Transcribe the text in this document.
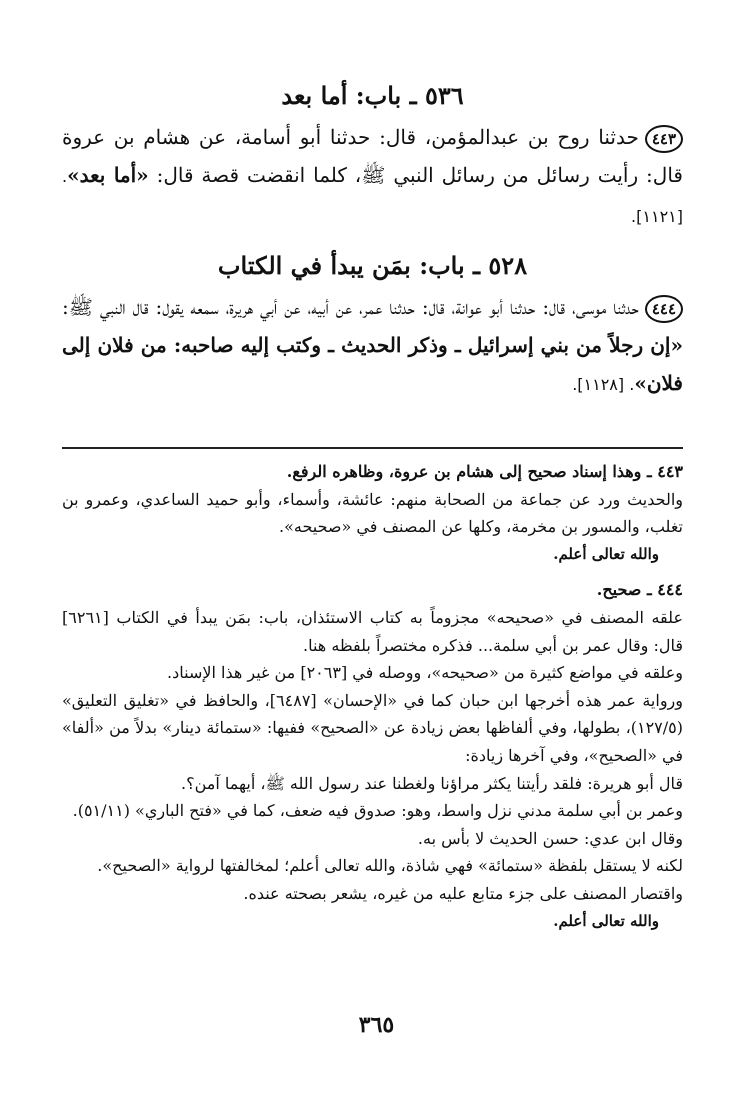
٥٣٦ ـ باب: أما بعد
٤٤٣حدثنا روح بن عبدالمؤمن، قال: حدثنا أبو أسامة، عن هشام بن عروة قال: رأيت رسائل من رسائل النبي ﷺ، كلما انقضت قصة قال: «أما بعد». [١١٢١].
٥٢٨ ـ باب: بمَن يبدأ في الكتاب
٤٤٤حدثنا موسى، قال: حدثنا أبو عوانة، قال: حدثنا عمر، عن أبيه، عن أبي هريرة، سمعه يقول: قال النبي ﷺ: «إن رجلاً من بني إسرائيل ـ وذكر الحديث ـ وكتب إليه صاحبه: من فلان إلى فلان». [١١٢٨].

٤٤٣ ـ وهذا إسناد صحيح إلى هشام بن عروة، وظاهره الرفع.

والحديث ورد عن جماعة من الصحابة منهم: عائشة، وأسماء، وأبو حميد الساعدي، وعمرو بن تغلب، والمسور بن مخرمة، وكلها عن المصنف في «صحيحه».

والله تعالى أعلم.

٤٤٤ ـ صحيح.

علقه المصنف في «صحيحه» مجزوماً به كتاب الاستئذان، باب: بمَن يبدأ في الكتاب [٦٢٦١] قال: وقال عمر بن أبي سلمة... فذكره مختصراً بلفظه هنا.

وعلقه في مواضع كثيرة من «صحيحه»، ووصله في [٢٠٦٣] من غير هذا الإسناد.

ورواية عمر هذه أخرجها ابن حبان كما في «الإحسان» [٦٤٨٧]، والحافظ في «تغليق التعليق» (١٢٧/٥)، بطولها، وفي ألفاظها بعض زيادة عن «الصحيح» ففيها: «ستمائة دينار» بدلاً من «ألفا» في «الصحيح»، وفي آخرها زيادة:

قال أبو هريرة: فلقد رأيتنا يكثر مراؤنا ولغطنا عند رسول الله ﷺ، أيهما آمن؟.

وعمر بن أبي سلمة مدني نزل واسط، وهو: صدوق فيه ضعف، كما في «فتح الباري» (٥١/١١).

وقال ابن عدي: حسن الحديث لا بأس به.

لكنه لا يستقل بلفظة «ستمائة» فهي شاذة، والله تعالى أعلم؛ لمخالفتها لرواية «الصحيح».

واقتصار المصنف على جزء متابع عليه من غيره، يشعر بصحته عنده.

والله تعالى أعلم.

٣٦٥
